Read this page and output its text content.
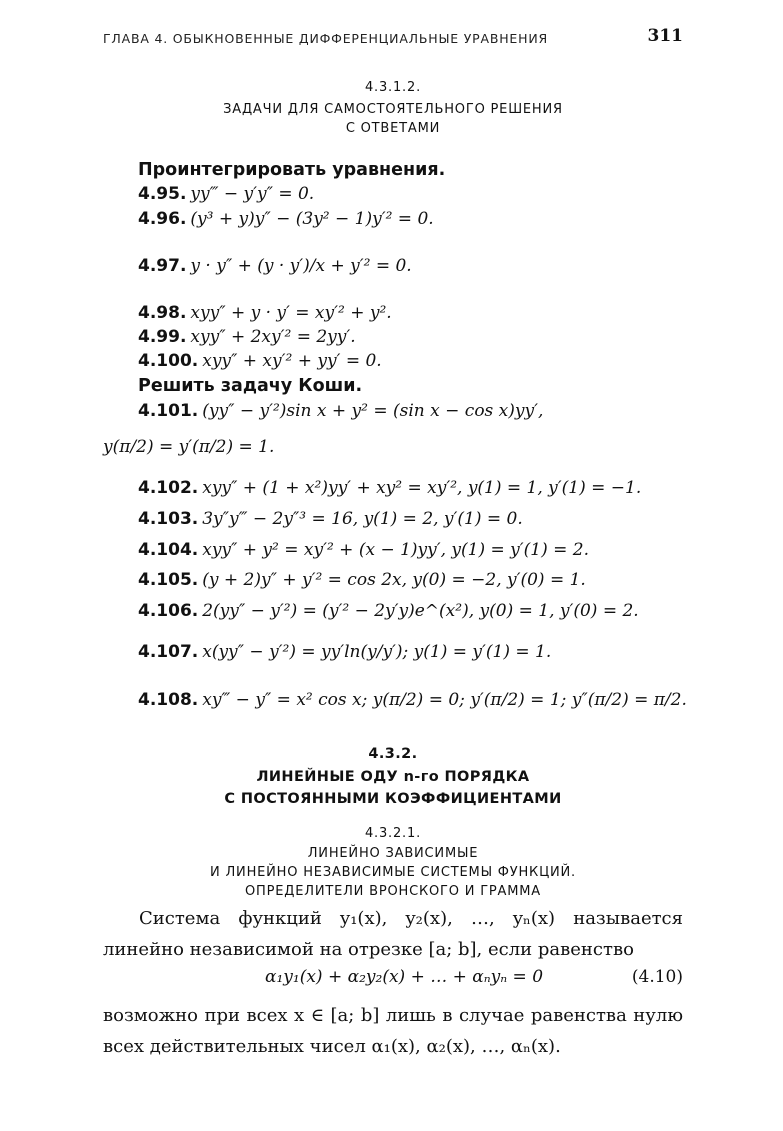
ГЛАВА 4. ОБЫКНОВЕННЫЕ ДИФФЕРЕНЦИАЛЬНЫЕ УРАВНЕНИЯ	311
4.3.1.2.
ЗАДАЧИ ДЛЯ САМОСТОЯТЕЛЬНОГО РЕШЕНИЯ
С ОТВЕТАМИ
Проинтегрировать уравнения.
4.95. yy‴ − y′y″ = 0.
4.96. (y³ + y)y″ − (3y² − 1)y′² = 0.
4.97. y · y″ + (y · y′)/x + y′² = 0.
4.98. xyy″ + y · y′ = xy′² + y².
4.99. xyy″ + 2xy′² = 2yy′.
4.100. xyy″ + xy′² + yy′ = 0.
Решить задачу Коши.
4.101. (yy″ − y′²)sin x + y² = (sin x − cos x)yy′,
y(π/2) = y′(π/2) = 1.
4.102. xyy″ + (1 + x²)yy′ + xy² = xy′², y(1) = 1, y′(1) = −1.
4.103. 3y″y‴ − 2y″³ = 16, y(1) = 2, y′(1) = 0.
4.104. xyy″ + y² = xy′² + (x − 1)yy′, y(1) = y′(1) = 2.
4.105. (y + 2)y″ + y′² = cos 2x, y(0) = −2, y′(0) = 1.
4.106. 2(yy″ − y′²) = (y′² − 2y′y)e^(x²), y(0) = 1, y′(0) = 2.
4.107. x(yy″ − y′²) = yy′ln(y/y′); y(1) = y′(1) = 1.
4.108. xy‴ − y″ = x² cos x; y(π/2) = 0; y′(π/2) = 1; y″(π/2) = π/2.
4.3.2.
ЛИНЕЙНЫЕ ОДУ n-го ПОРЯДКА
С ПОСТОЯННЫМИ КОЭФФИЦИЕНТАМИ
4.3.2.1.
ЛИНЕЙНО ЗАВИСИМЫЕ
И ЛИНЕЙНО НЕЗАВИСИМЫЕ СИСТЕМЫ ФУНКЦИЙ.
ОПРЕДЕЛИТЕЛИ ВРОНСКОГО И ГРАММА
Система функций y₁(x), y₂(x), …, yₙ(x) называется линейно независимой на отрезке [a; b], если равенство
α₁y₁(x) + α₂y₂(x) + … + αₙyₙ = 0	(4.10)
возможно при всех x ∈ [a; b] лишь в случае равенства нулю всех действительных чисел α₁(x), α₂(x), …, αₙ(x).
